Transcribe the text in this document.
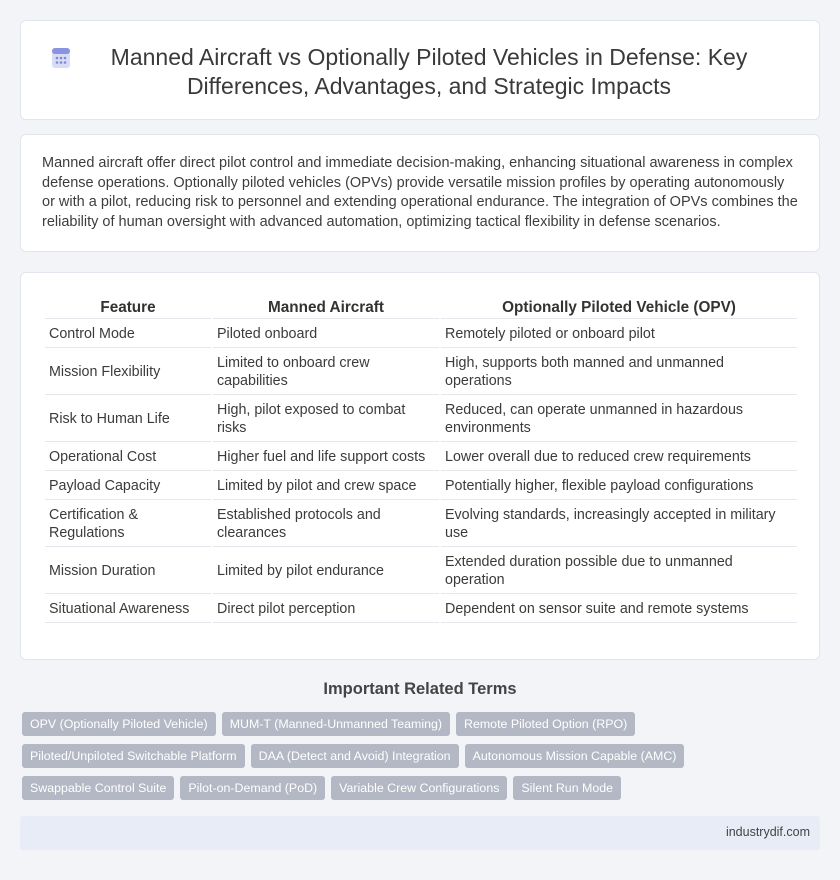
Manned Aircraft vs Optionally Piloted Vehicles in Defense: Key Differences, Advantages, and Strategic Impacts

Manned aircraft offer direct pilot control and immediate decision-making, enhancing situational awareness in complex defense operations. Optionally piloted vehicles (OPVs) provide versatile mission profiles by operating autonomously or with a pilot, reducing risk to personnel and extending operational endurance. The integration of OPVs combines the reliability of human oversight with advanced automation, optimizing tactical flexibility in defense scenarios.

Feature	Manned Aircraft	Optionally Piloted Vehicle (OPV)
Control Mode	Piloted onboard	Remotely piloted or onboard pilot
Mission Flexibility	Limited to onboard crew capabilities	High, supports both manned and unmanned operations
Risk to Human Life	High, pilot exposed to combat risks	Reduced, can operate unmanned in hazardous environments
Operational Cost	Higher fuel and life support costs	Lower overall due to reduced crew requirements
Payload Capacity	Limited by pilot and crew space	Potentially higher, flexible payload configurations
Certification & Regulations	Established protocols and clearances	Evolving standards, increasingly accepted in military use
Mission Duration	Limited by pilot endurance	Extended duration possible due to unmanned operation
Situational Awareness	Direct pilot perception	Dependent on sensor suite and remote systems
Important Related Terms
OPV (Optionally Piloted Vehicle)	MUM-T (Manned-Unmanned Teaming)	Remote Piloted Option (RPO)
Piloted/Unpiloted Switchable Platform	DAA (Detect and Avoid) Integration	Autonomous Mission Capable (AMC)
Swappable Control Suite	Pilot-on-Demand (PoD)	Variable Crew Configurations	Silent Run Mode
industrydif.com
